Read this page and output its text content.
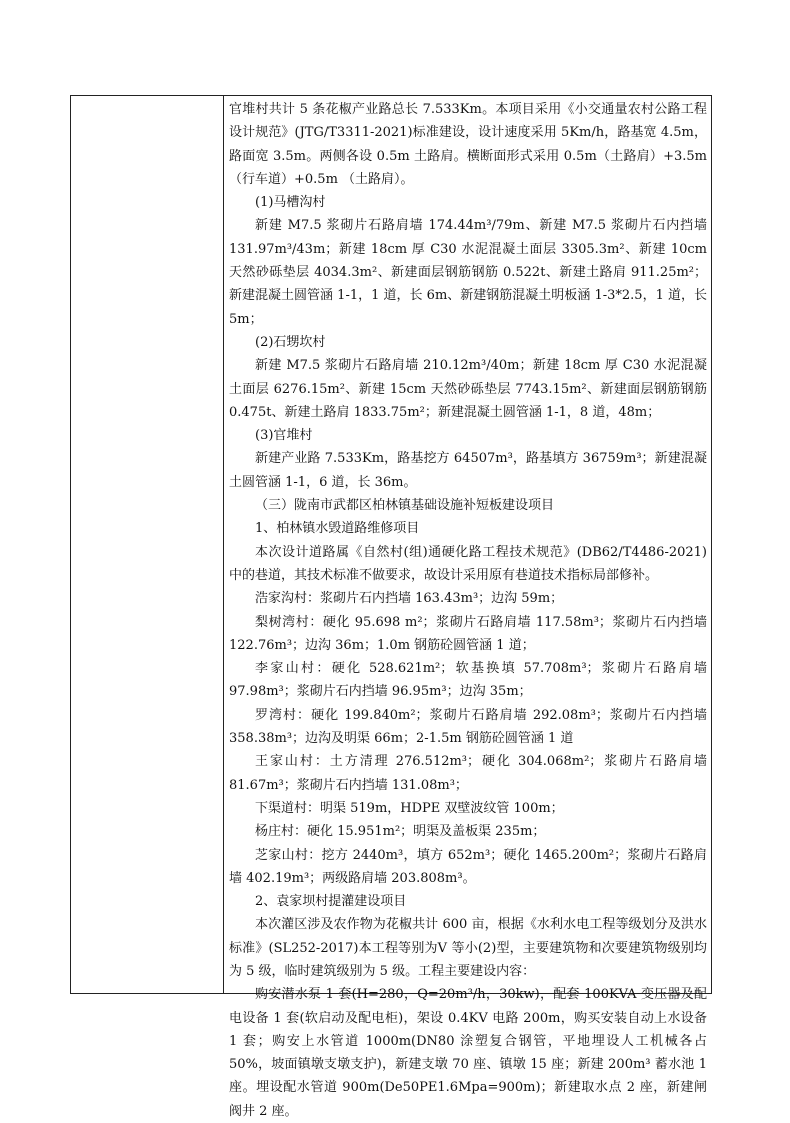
官堆村共计 5 条花椒产业路总长 7.533Km。本项目采用《小交通量农村公路工程设计规范》(JTG/T3311-2021)标准建设，设计速度采用 5Km/h，路基宽 4.5m，路面宽 3.5m。两侧各设 0.5m 土路肩。横断面形式采用 0.5m（土路肩）+3.5m（行车道）+0.5m （土路肩）。

(1)马槽沟村

新建 M7.5 浆砌片石路肩墙 174.44m³/79m、新建 M7.5 浆砌片石内挡墙 131.97m³/43m；新建 18cm 厚 C30 水泥混凝土面层 3305.3m²、新建 10cm 天然砂砾垫层 4034.3m²、新建面层钢筋钢筋 0.522t、新建土路肩 911.25m²；新建混凝土圆管涵 1-1，1 道，长 6m、新建钢筋混凝土明板涵 1-3*2.5，1 道，长 5m；

(2)石甥坎村

新建 M7.5 浆砌片石路肩墙 210.12m³/40m；新建 18cm 厚 C30 水泥混凝土面层 6276.15m²、新建 15cm 天然砂砾垫层 7743.15m²、新建面层钢筋钢筋 0.475t、新建土路肩 1833.75m²；新建混凝土圆管涵 1-1，8 道，48m；

(3)官堆村

新建产业路 7.533Km，路基挖方 64507m³，路基填方 36759m³；新建混凝土圆管涵 1-1，6 道，长 36m。

（三）陇南市武都区柏林镇基础设施补短板建设项目

1、柏林镇水毁道路维修项目

本次设计道路属《自然村(组)通硬化路工程技术规范》(DB62/T4486-2021)中的巷道，其技术标准不做要求，故设计采用原有巷道技术指标局部修补。

浩家沟村：浆砌片石内挡墙 163.43m³；边沟 59m；

梨树湾村：硬化 95.698 m²；浆砌片石路肩墙 117.58m³；浆砌片石内挡墙 122.76m³；边沟 36m；1.0m 钢筋砼圆管涵 1 道；

李家山村：硬化 528.621m²；软基换填 57.708m³；浆砌片石路肩墙 97.98m³；浆砌片石内挡墙 96.95m³；边沟 35m；

罗湾村：硬化 199.840m²；浆砌片石路肩墙 292.08m³；浆砌片石内挡墙 358.38m³；边沟及明渠 66m；2-1.5m 钢筋砼圆管涵 1 道

王家山村：土方清理 276.512m³；硬化 304.068m²；浆砌片石路肩墙 81.67m³；浆砌片石内挡墙 131.08m³；

下渠道村：明渠 519m，HDPE 双壁波纹管 100m；

杨庄村：硬化 15.951m²；明渠及盖板渠 235m；

芝家山村：挖方 2440m³，填方 652m³；硬化 1465.200m²；浆砌片石路肩墙 402.19m³；两级路肩墙 203.808m³。

2、袁家坝村提灌建设项目

本次灌区涉及农作物为花椒共计 600 亩，根据《水利水电工程等级划分及洪水标准》(SL252-2017)本工程等别为Ⅴ 等小(2)型，主要建筑物和次要建筑物级别均为 5 级，临时建筑级别为 5 级。工程主要建设内容：

购安潜水泵 1 套(H=280，Q=20m³/h，30kw)，配套 100KVA 变压器及配电设备 1 套(软启动及配电柜)，架设 0.4KV 电路 200m，购买安装自动上水设备 1 套；购安上水管道 1000m(DN80 涂塑复合钢管，平地埋设人工机械各占 50%，坡面镇墩支墩支护)，新建支墩 70 座、镇墩 15 座；新建 200m³ 蓄水池 1 座。埋设配水管道 900m(De50PE1.6Mpa=900m)；新建取水点 2 座，新建闸阀井 2 座。
